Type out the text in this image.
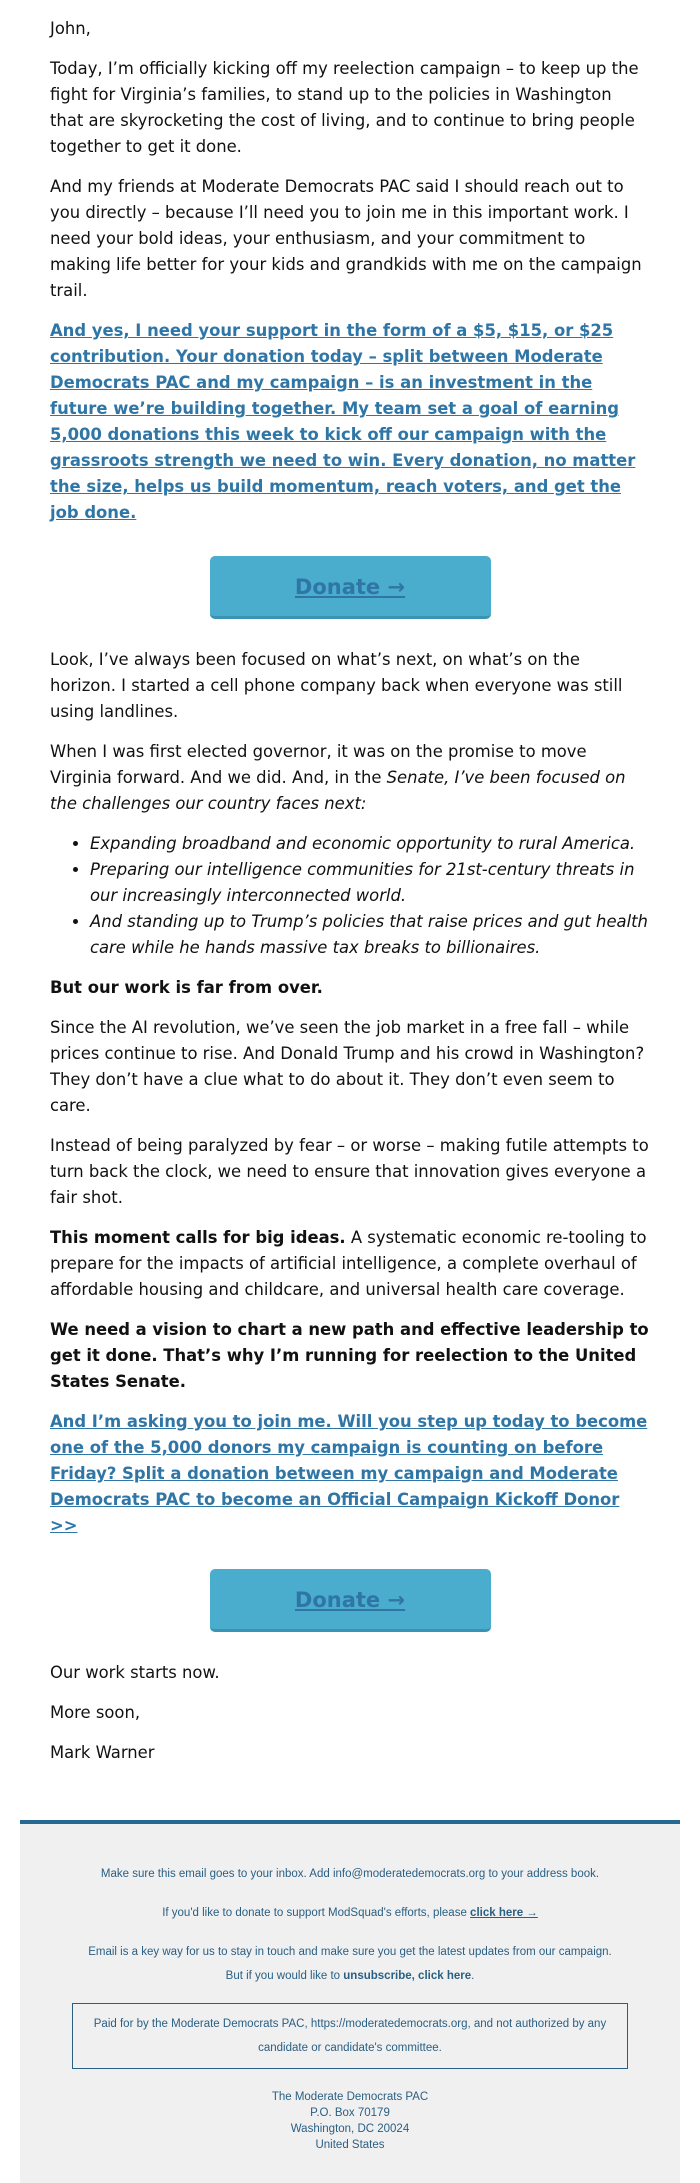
John,

Today, I’m officially kicking off my reelection campaign – to keep up the fight for Virginia’s families, to stand up to the policies in Washington that are skyrocketing the cost of living, and to continue to bring people together to get it done.

And my friends at Moderate Democrats PAC said I should reach out to you directly – because I’ll need you to join me in this important work. I need your bold ideas, your enthusiasm, and your commitment to making life better for your kids and grandkids with me on the campaign trail.

And yes, I need your support in the form of a $5, $15, or $25 contribution. Your donation today – split between Moderate Democrats PAC and my campaign – is an investment in the future we’re building together. My team set a goal of earning 5,000 donations this week to kick off our campaign with the grassroots strength we need to win. Every donation, no matter the size, helps us build momentum, reach voters, and get the job done.

Donate →

Look, I’ve always been focused on what’s next, on what’s on the horizon. I started a cell phone company back when everyone was still using landlines.

When I was first elected governor, it was on the promise to move Virginia forward. And we did. And, in the Senate, I’ve been focused on the challenges our country faces next:

• Expanding broadband and economic opportunity to rural America.
• Preparing our intelligence communities for 21st-century threats in our increasingly interconnected world.
• And standing up to Trump’s policies that raise prices and gut health care while he hands massive tax breaks to billionaires.

But our work is far from over.

Since the AI revolution, we’ve seen the job market in a free fall – while prices continue to rise. And Donald Trump and his crowd in Washington? They don’t have a clue what to do about it. They don’t even seem to care.

Instead of being paralyzed by fear – or worse – making futile attempts to turn back the clock, we need to ensure that innovation gives everyone a fair shot.

This moment calls for big ideas. A systematic economic re-tooling to prepare for the impacts of artificial intelligence, a complete overhaul of affordable housing and childcare, and universal health care coverage.

We need a vision to chart a new path and effective leadership to get it done. That’s why I’m running for reelection to the United States Senate.

And I’m asking you to join me. Will you step up today to become one of the 5,000 donors my campaign is counting on before Friday? Split a donation between my campaign and Moderate Democrats PAC to become an Official Campaign Kickoff Donor >>

Donate →

Our work starts now.

More soon,

Mark Warner

Make sure this email goes to your inbox. Add info@moderatedemocrats.org to your address book.

If you'd like to donate to support ModSquad's efforts, please click here →

Email is a key way for us to stay in touch and make sure you get the latest updates from our campaign. But if you would like to unsubscribe, click here.

Paid for by the Moderate Democrats PAC, https://moderatedemocrats.org, and not authorized by any candidate or candidate's committee.
The Moderate Democrats PAC
P.O. Box 70179
Washington, DC 20024
United States
